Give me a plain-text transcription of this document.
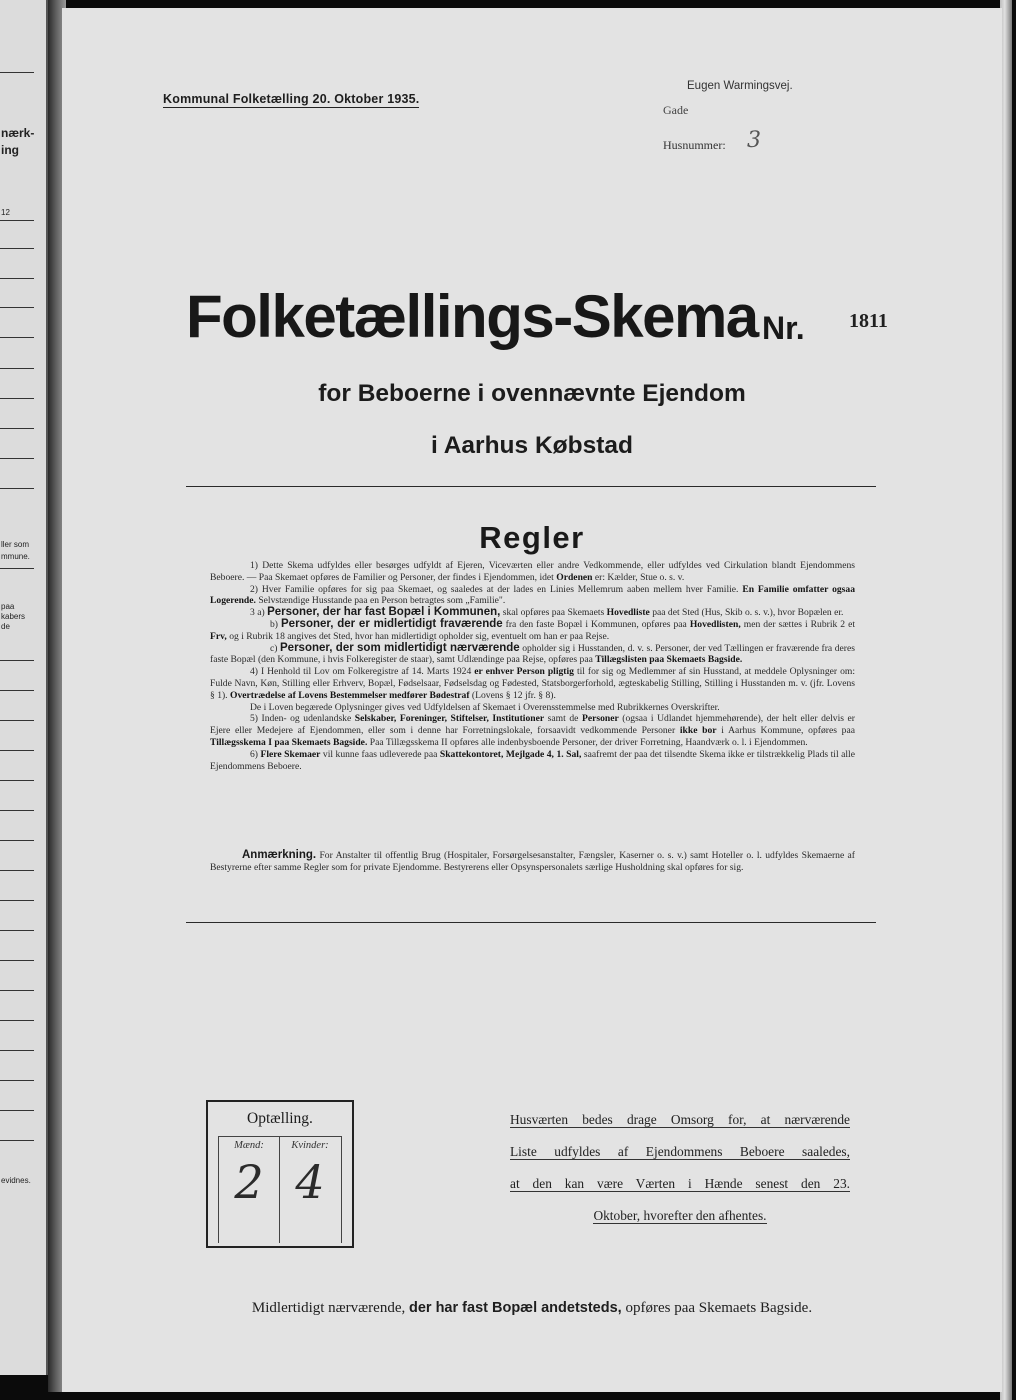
nærk-
ing
12
ller som
mmune.
paa
kabers
de
evidnes.
Kommunal Folketælling 20. Oktober 1935.
Eugen Warmingsvej.
Gade
Husnummer: 3
Folketællings-Skema Nr. 1811
for Beboerne i ovennævnte Ejendom
i Aarhus Købstad
Regler

1) Dette Skema udfyldes eller besørges udfyldt af Ejeren, Viceværten eller andre Vedkommende, eller udfyldes ved Cirkulation blandt Ejendommens Beboere. — Paa Skemaet opføres de Familier og Personer, der findes i Ejendommen, idet Ordenen er: Kælder, Stue o. s. v.

2) Hver Familie opføres for sig paa Skemaet, og saaledes at der lades en Linies Mellemrum aaben mellem hver Familie. En Familie omfatter ogsaa Logerende. Selvstændige Husstande paa en Person betragtes som „Familie".

3 a) Personer, der har fast Bopæl i Kommunen, skal opføres paa Skemaets Hovedliste paa det Sted (Hus, Skib o. s. v.), hvor Bopælen er.

b) Personer, der er midlertidigt fraværende fra den faste Bopæl i Kommunen, opføres paa Hovedlisten, men der sættes i Rubrik 2 et Frv, og i Rubrik 18 angives det Sted, hvor han midlertidigt opholder sig, eventuelt om han er paa Rejse.

c) Personer, der som midlertidigt nærværende opholder sig i Husstanden, d. v. s. Personer, der ved Tællingen er fraværende fra deres faste Bopæl (den Kommune, i hvis Folkeregister de staar), samt Udlændinge paa Rejse, opføres paa Tillægslisten paa Skemaets Bagside.

4) I Henhold til Lov om Folkeregistre af 14. Marts 1924 er enhver Person pligtig til for sig og Medlemmer af sin Husstand, at meddele Oplysninger om: Fulde Navn, Køn, Stilling eller Erhverv, Bopæl, Fødselsaar, Fødselsdag og Fødested, Statsborgerforhold, ægteskabelig Stilling, Stilling i Husstanden m. v. (jfr. Lovens § 1). Overtrædelse af Lovens Bestemmelser medfører Bødestraf (Lovens § 12 jfr. § 8).

De i Loven begærede Oplysninger gives ved Udfyldelsen af Skemaet i Overensstemmelse med Rubrikkernes Overskrifter.

5) Inden- og udenlandske Selskaber, Foreninger, Stiftelser, Institutioner samt de Personer (ogsaa i Udlandet hjemmehørende), der helt eller delvis er Ejere eller Medejere af Ejendommen, eller som i denne har Forretningslokale, forsaavidt vedkommende Personer ikke bor i Aarhus Kommune, opføres paa Tillægsskema I paa Skemaets Bagside. Paa Tillægsskema II opføres alle indenbysboende Personer, der driver Forretning, Haandværk o. l. i Ejendommen.

6) Flere Skemaer vil kunne faas udleverede paa Skattekontoret, Mejlgade 4, 1. Sal, saafremt der paa det tilsendte Skema ikke er tilstrækkelig Plads til alle Ejendommens Beboere.

Anmærkning. For Anstalter til offentlig Brug (Hospitaler, Forsørgelsesanstalter, Fængsler, Kaserner o. s. v.) samt Hoteller o. l. udfyldes Skemaerne af Bestyrerne efter samme Regler som for private Ejendomme. Bestyrerens eller Opsynspersonalets særlige Husholdning skal opføres for sig.

Optælling.
Mænd:	Kvinder:
2 4
Husværten bedes drage Omsorg for, at nærværende
Liste udfyldes af Ejendommens Beboere saaledes,
at den kan være Værten i Hænde senest den 23.
Oktober, hvorefter den afhentes.
Midlertidigt nærværende, der har fast Bopæl andetsteds, opføres paa Skemaets Bagside.
